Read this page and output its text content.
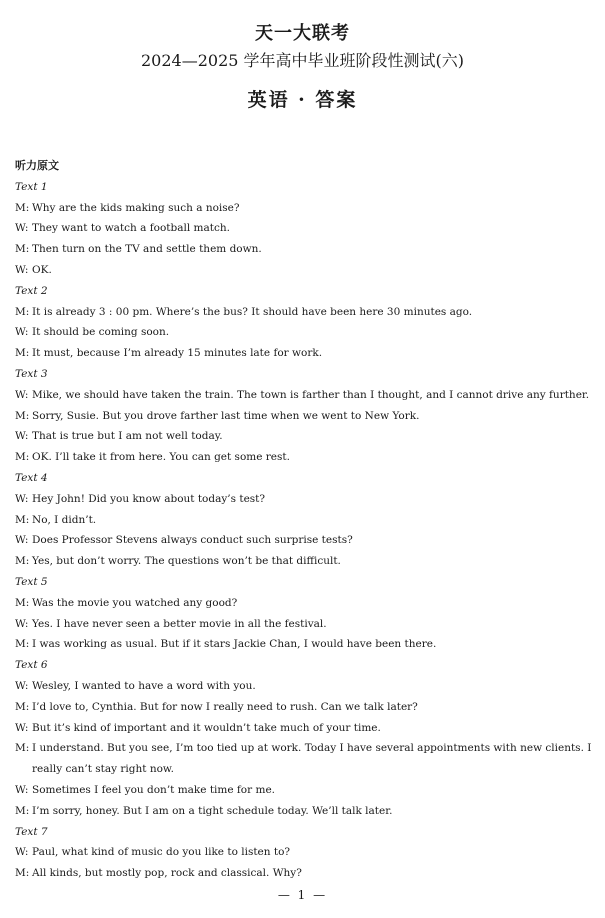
天一大联考
2024—2025 学年高中毕业班阶段性测试(六)
英语 · 答案
听力原文
Text 1
M: Why are the kids making such a noise?
W: They want to watch a football match.
M: Then turn on the TV and settle them down.
W: OK.
Text 2
M: It is already 3 : 00 pm. Where’s the bus? It should have been here 30 minutes ago.
W: It should be coming soon.
M: It must, because I’m already 15 minutes late for work.
Text 3
W: Mike, we should have taken the train. The town is farther than I thought, and I cannot drive any further.
M: Sorry, Susie. But you drove farther last time when we went to New York.
W: That is true but I am not well today.
M: OK. I’ll take it from here. You can get some rest.
Text 4
W: Hey John! Did you know about today’s test?
M: No, I didn’t.
W: Does Professor Stevens always conduct such surprise tests?
M: Yes, but don’t worry. The questions won’t be that difficult.
Text 5
M: Was the movie you watched any good?
W: Yes. I have never seen a better movie in all the festival.
M: I was working as usual. But if it stars Jackie Chan, I would have been there.
Text 6
W: Wesley, I wanted to have a word with you.
M: I’d love to, Cynthia. But for now I really need to rush. Can we talk later?
W: But it’s kind of important and it wouldn’t take much of your time.
M: I understand. But you see, I’m too tied up at work. Today I have several appointments with new clients. I really can’t stay right now.
W: Sometimes I feel you don’t make time for me.
M: I’m sorry, honey. But I am on a tight schedule today. We’ll talk later.
Text 7
W: Paul, what kind of music do you like to listen to?
M: All kinds, but mostly pop, rock and classical. Why?
— 1 —
